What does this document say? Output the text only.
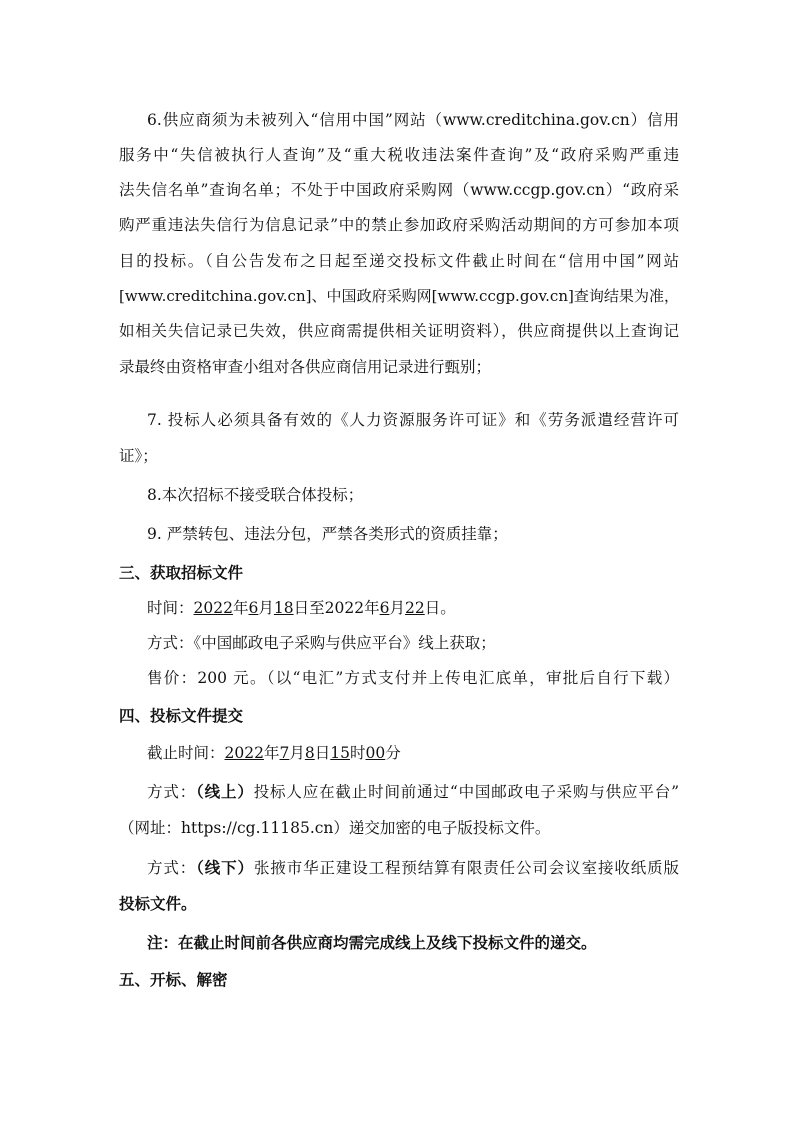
6.供应商须为未被列入“信用中国”网站（www.creditchina.gov.cn）信用
服务中“失信被执行人查询”及“重大税收违法案件查询”及“政府采购严重违
法失信名单”查询名单；不处于中国政府采购网（www.ccgp.gov.cn）“政府采
购严重违法失信行为信息记录”中的禁止参加政府采购活动期间的方可参加本项
目的投标。（自公告发布之日起至递交投标文件截止时间在“信用中国”网站
[www.creditchina.gov.cn]、中国政府采购网[www.ccgp.gov.cn]查询结果为准，
如相关失信记录已失效，供应商需提供相关证明资料），供应商提供以上查询记
录最终由资格审查小组对各供应商信用记录进行甄别；
7. 投标人必须具备有效的《人力资源服务许可证》和《劳务派遣经营许可
证》；
8.本次招标不接受联合体投标；
9. 严禁转包、违法分包，严禁各类形式的资质挂靠；
三、获取招标文件
时间：2022年6月18日至2022年6月22日。
方式：《中国邮政电子采购与供应平台》线上获取；
售价：200 元。（以“电汇”方式支付并上传电汇底单，审批后自行下载）
四、投标文件提交
截止时间：2022年7月8日15时00分
方式：（线上）投标人应在截止时间前通过“中国邮政电子采购与供应平台”
（网址：https://cg.11185.cn）递交加密的电子版投标文件。
方式：（线下）张掖市华正建设工程预结算有限责任公司会议室接收纸质版
投标文件。
注：在截止时间前各供应商均需完成线上及线下投标文件的递交。
五、开标、解密
